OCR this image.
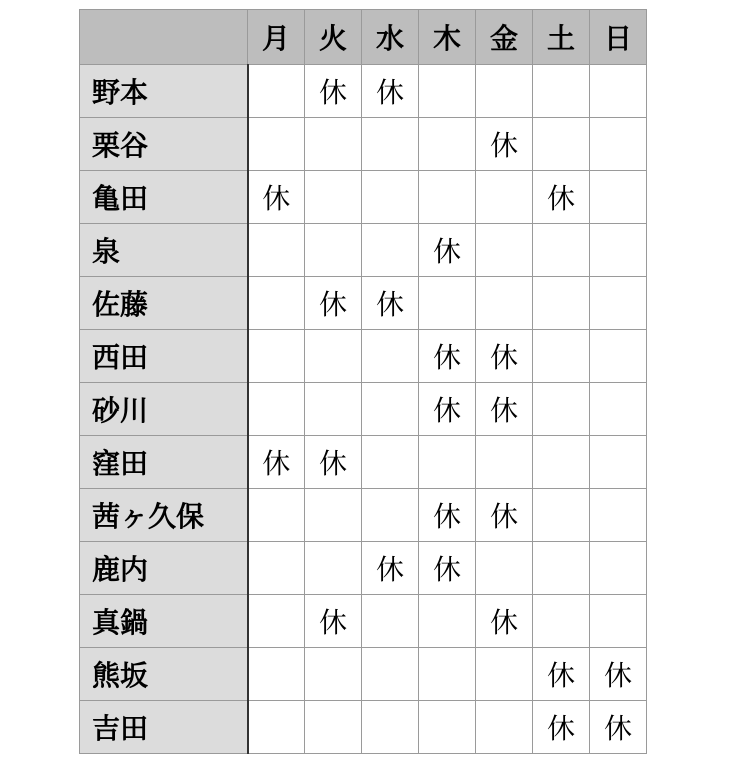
	月	火	水	木	金	土	日
野本		休	休				
栗谷					休		
亀田	休					休	
泉				休			
佐藤		休	休				
西田				休	休		
砂川				休	休		
窪田	休	休					
茜ヶ久保				休	休		
鹿内			休	休			
真鍋		休			休		
熊坂						休	休
吉田						休	休
